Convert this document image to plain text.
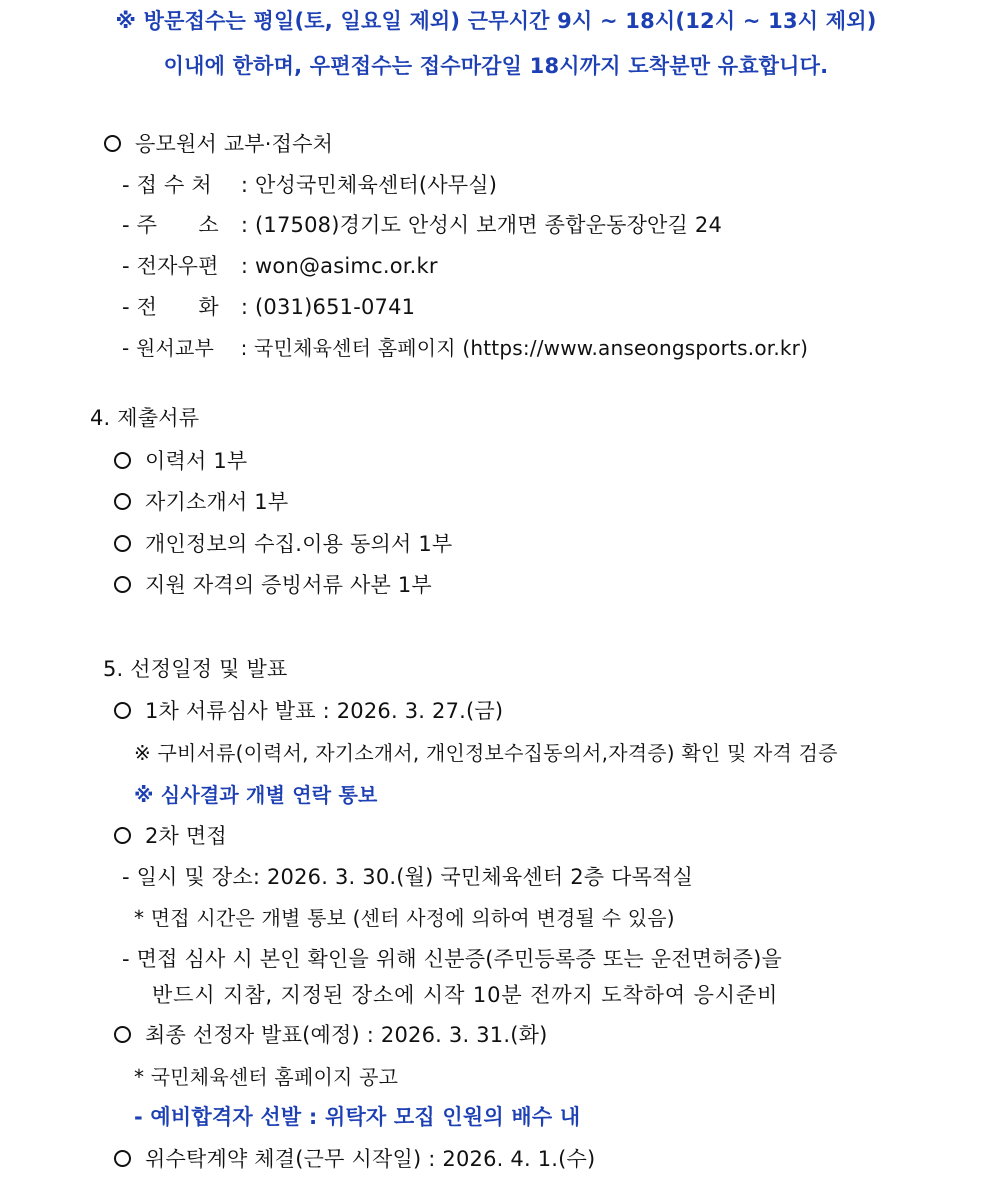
※ 방문접수는 평일(토, 일요일 제외) 근무시간 9시 ~ 18시(12시 ~ 13시 제외)
이내에 한하며, 우편접수는 접수마감일 18시까지 도착분만 유효합니다.
응모원서 교부·접수처
- 접 수 처 : 안성국민체육센터(사무실)
- 주      소 : (17508)경기도 안성시 보개면 종합운동장안길 24
- 전자우편 : won@asimc.or.kr
- 전      화 : (031)651-0741
- 원서교부 : 국민체육센터 홈페이지 (https://www.anseongsports.or.kr)
4. 제출서류
이력서 1부
자기소개서 1부
개인정보의 수집.이용 동의서 1부
지원 자격의 증빙서류 사본 1부
5. 선정일정 및 발표
1차 서류심사 발표 : 2026. 3. 27.(금)
※ 구비서류(이력서, 자기소개서, 개인정보수집동의서,자격증) 확인 및 자격 검증
※ 심사결과 개별 연락 통보
2차 면접
- 일시 및 장소: 2026. 3. 30.(월) 국민체육센터 2층 다목적실
* 면접 시간은 개별 통보 (센터 사정에 의하여 변경될 수 있음)
- 면접 심사 시 본인 확인을 위해 신분증(주민등록증 또는 운전면허증)을
반드시 지참, 지정된 장소에 시작 10분 전까지 도착하여 응시준비
최종 선정자 발표(예정) : 2026. 3. 31.(화)
* 국민체육센터 홈페이지 공고
- 예비합격자 선발 : 위탁자 모집 인원의 배수 내
위수탁계약 체결(근무 시작일) : 2026. 4. 1.(수)
